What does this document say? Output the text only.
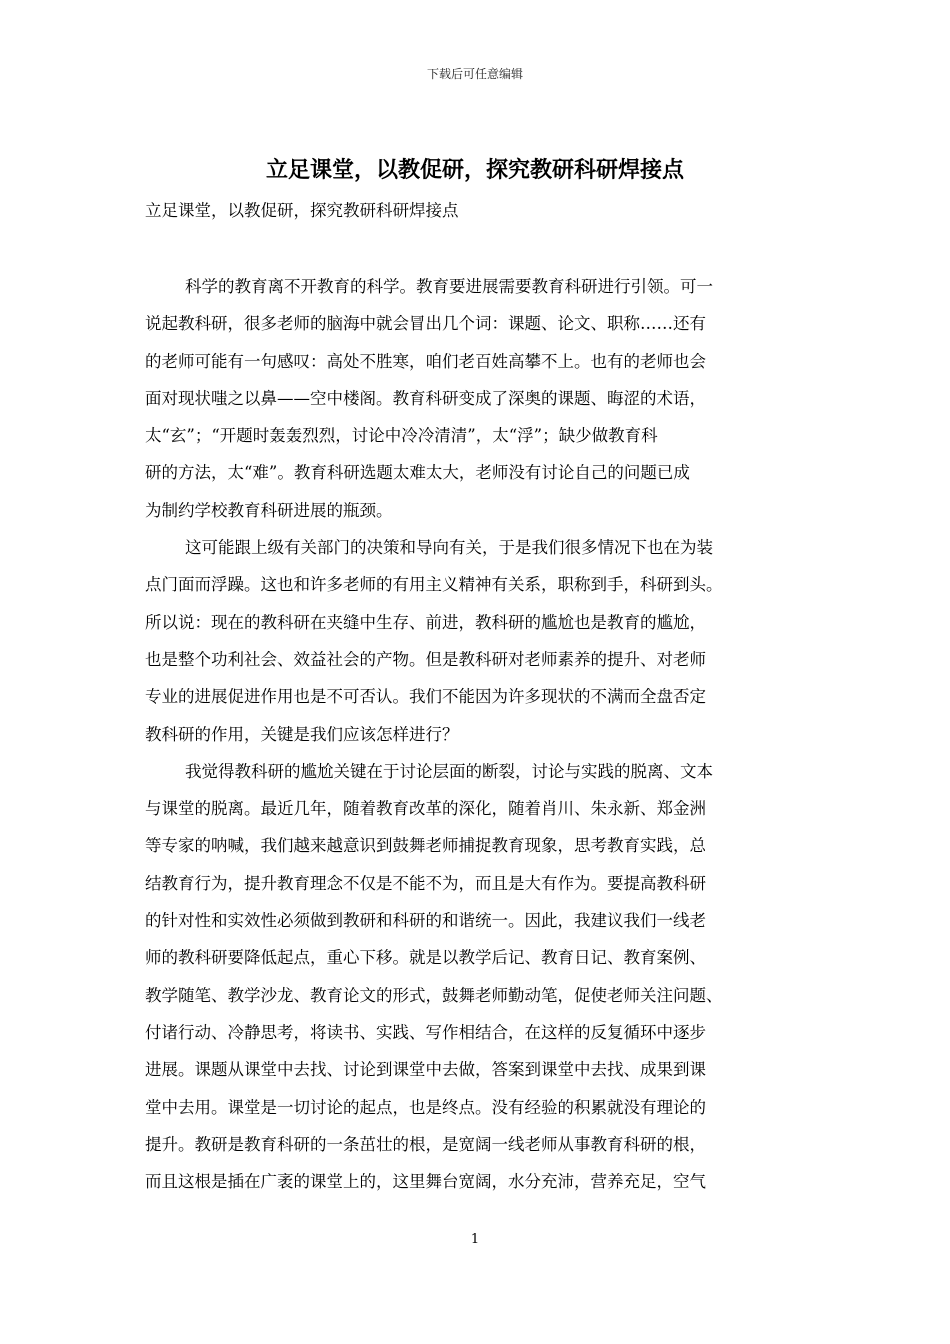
下载后可任意编辑
立足课堂，以教促研，探究教研科研焊接点
立足课堂，以教促研，探究教研科研焊接点
科学的教育离不开教育的科学。教育要进展需要教育科研进行引领。可一
说起教科研，很多老师的脑海中就会冒出几个词：课题、论文、职称……还有
的老师可能有一句感叹：高处不胜寒，咱们老百姓高攀不上。也有的老师也会
面对现状嗤之以鼻——空中楼阁。教育科研变成了深奥的课题、晦涩的术语，
太“玄”；“开题时轰轰烈烈，讨论中冷冷清清”，太“浮”；缺少做教育科
研的方法，太“难”。教育科研选题太难太大，老师没有讨论自己的问题已成
为制约学校教育科研进展的瓶颈。
这可能跟上级有关部门的决策和导向有关，于是我们很多情况下也在为装
点门面而浮躁。这也和许多老师的有用主义精神有关系，职称到手，科研到头。
所以说：现在的教科研在夹缝中生存、前进，教科研的尴尬也是教育的尴尬，
也是整个功利社会、效益社会的产物。但是教科研对老师素养的提升、对老师
专业的进展促进作用也是不可否认。我们不能因为许多现状的不满而全盘否定
教科研的作用，关键是我们应该怎样进行？
我觉得教科研的尴尬关键在于讨论层面的断裂，讨论与实践的脱离、文本
与课堂的脱离。最近几年，随着教育改革的深化，随着肖川、朱永新、郑金洲
等专家的呐喊，我们越来越意识到鼓舞老师捕捉教育现象，思考教育实践，总
结教育行为，提升教育理念不仅是不能不为，而且是大有作为。要提高教科研
的针对性和实效性必须做到教研和科研的和谐统一。因此，我建议我们一线老
师的教科研要降低起点，重心下移。就是以教学后记、教育日记、教育案例、
教学随笔、教学沙龙、教育论文的形式，鼓舞老师勤动笔，促使老师关注问题、
付诸行动、冷静思考，将读书、实践、写作相结合，在这样的反复循环中逐步
进展。课题从课堂中去找、讨论到课堂中去做，答案到课堂中去找、成果到课
堂中去用。课堂是一切讨论的起点，也是终点。没有经验的积累就没有理论的
提升。教研是教育科研的一条茁壮的根，是宽阔一线老师从事教育科研的根，
而且这根是插在广袤的课堂上的，这里舞台宽阔，水分充沛，营养充足，空气
1
